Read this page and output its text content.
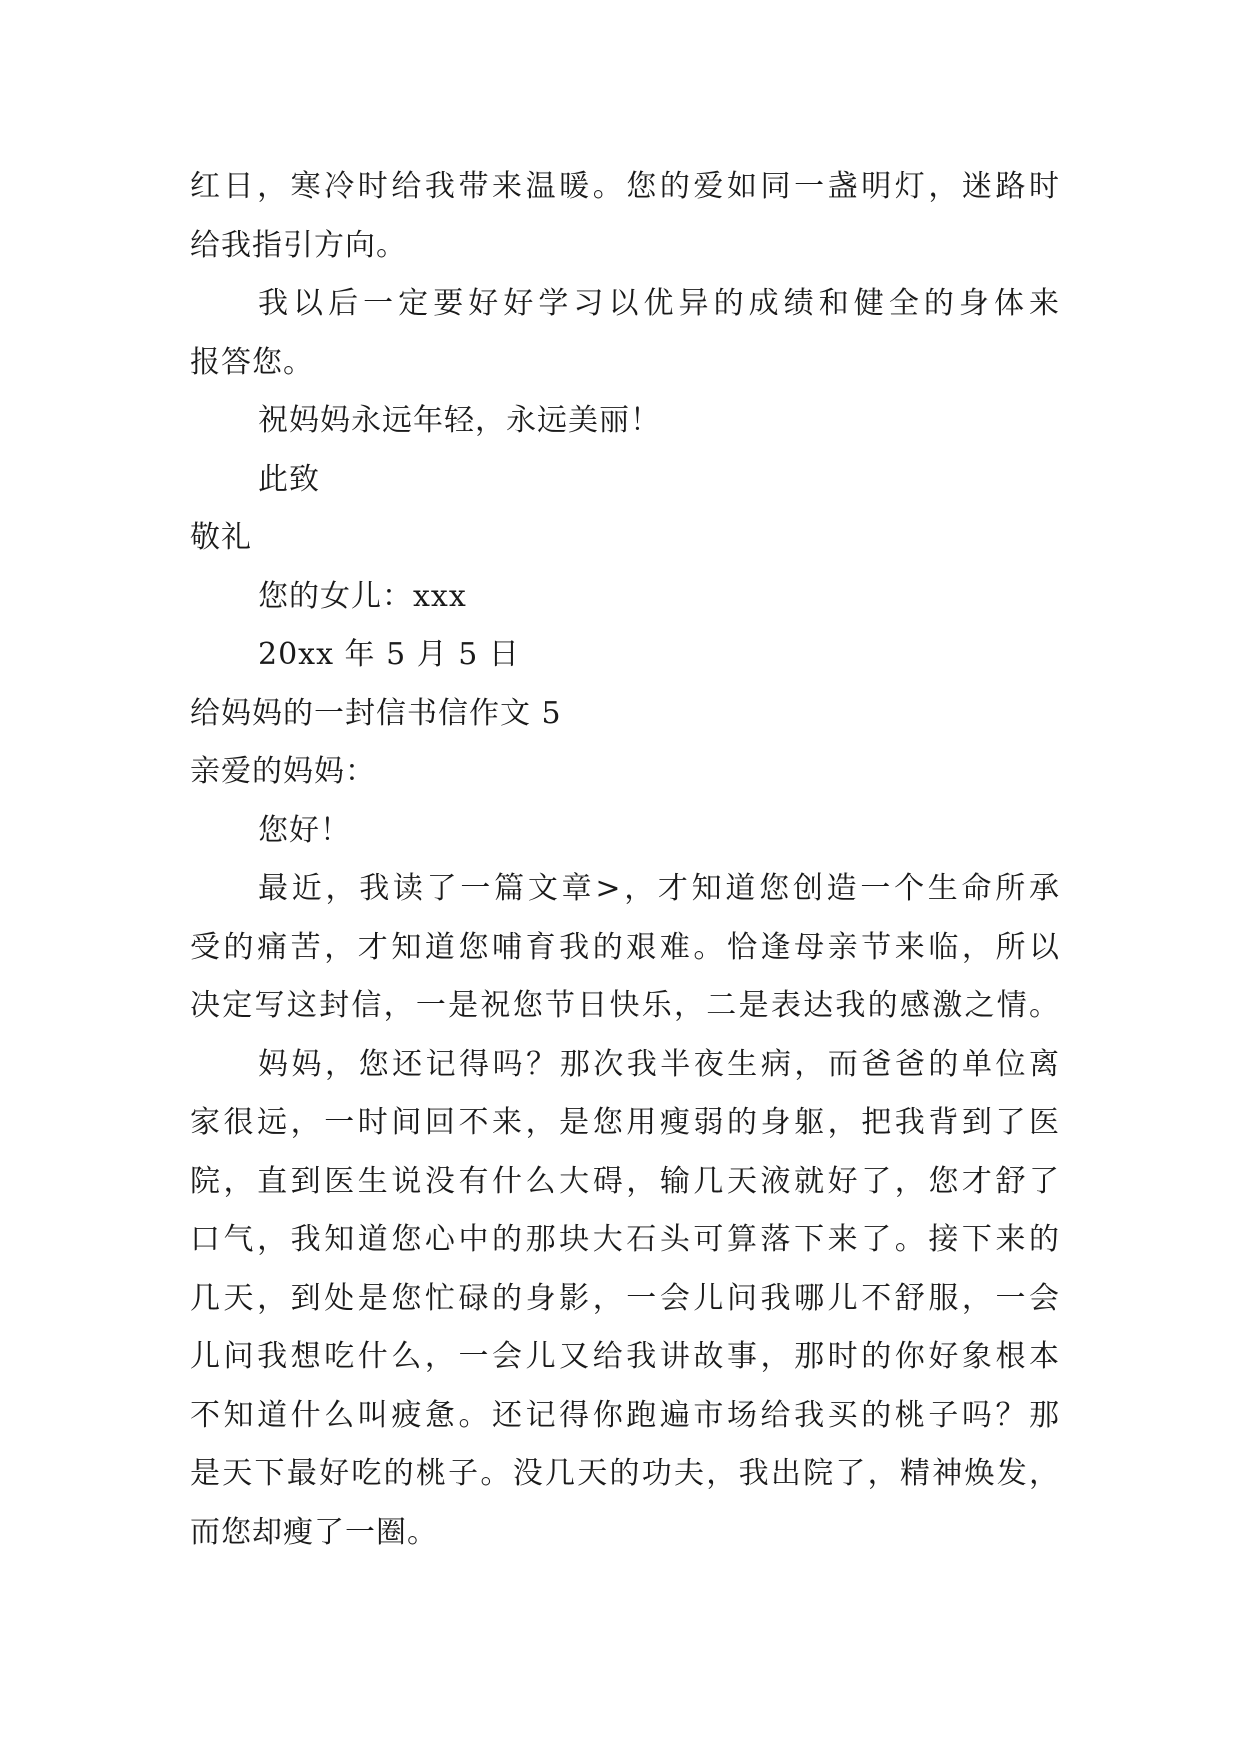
红日，寒冷时给我带来温暖。您的爱如同一盏明灯，迷路时
给我指引方向。
我以后一定要好好学习以优异的成绩和健全的身体来
报答您。
祝妈妈永远年轻，永远美丽！
此致
敬礼
您的女儿：xxx
20xx 年 5 月 5 日
给妈妈的一封信书信作文 5
亲爱的妈妈：
您好！
最近，我读了一篇文章>，才知道您创造一个生命所承
受的痛苦，才知道您哺育我的艰难。恰逢母亲节来临，所以
决定写这封信，一是祝您节日快乐，二是表达我的感激之情。
妈妈，您还记得吗？那次我半夜生病，而爸爸的单位离
家很远，一时间回不来，是您用瘦弱的身躯，把我背到了医
院，直到医生说没有什么大碍，输几天液就好了，您才舒了
口气，我知道您心中的那块大石头可算落下来了。接下来的
几天，到处是您忙碌的身影，一会儿问我哪儿不舒服，一会
儿问我想吃什么，一会儿又给我讲故事，那时的你好象根本
不知道什么叫疲惫。还记得你跑遍市场给我买的桃子吗？那
是天下最好吃的桃子。没几天的功夫，我出院了，精神焕发，
而您却瘦了一圈。
